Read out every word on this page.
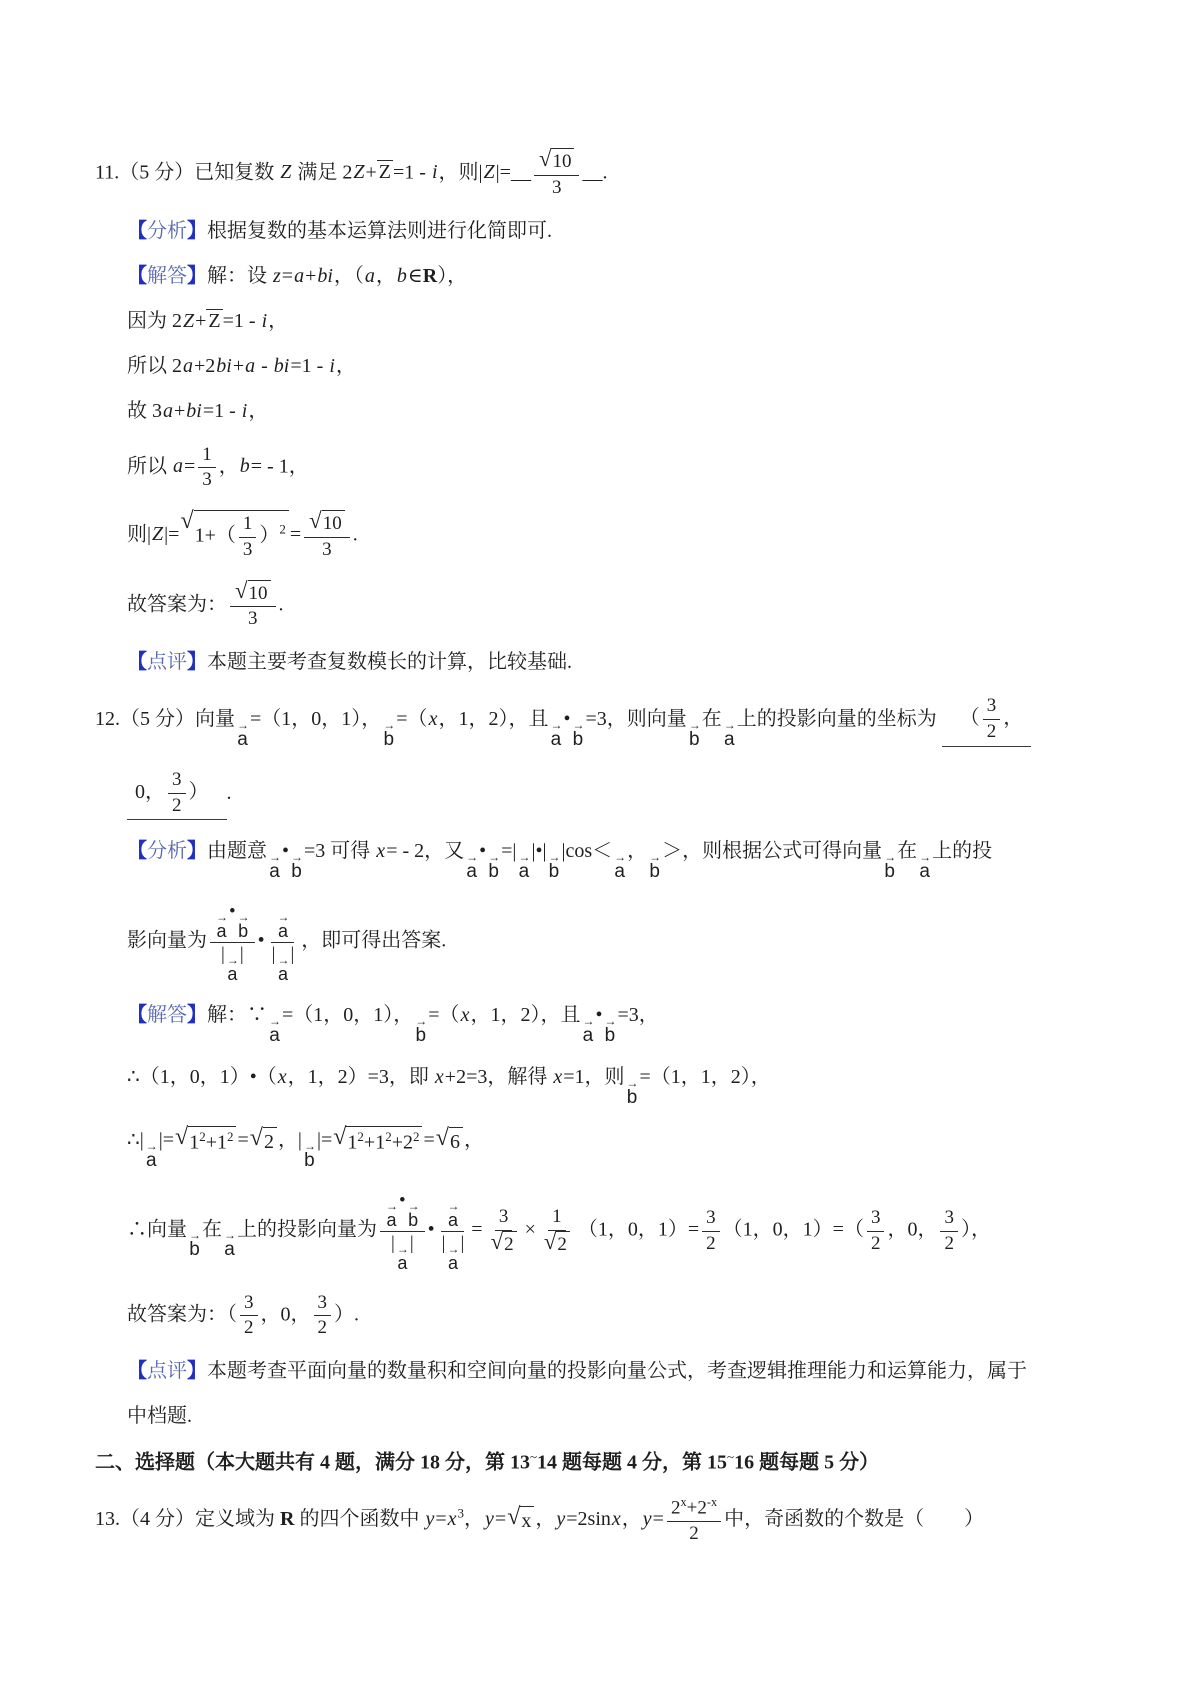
11.（5 分）已知复数 Z 满足 2Z+ Z =1 - i，则|Z|=__ $\frac{√ 10}{3}$ __.
【分析】根据复数的基本运算法则进行化简即可.
【解答】解：设 z=a+bi，（a，b∈R），
因为 2Z+ Z =1 - i，
所以 2a+2bi+a - bi=1 - i，
故 3a+bi=1 - i，
所以 $a= \frac{1}{3}$ ，b= - 1，
则|Z|=
√
$1+( \frac{1}{3} )^2 = \frac{√ 10}{3}$ .
故答案为： $\frac{√ 10}{3}$ .
【点评】本题主要考查复数模长的计算，比较基础.
12.（5 分）向量 →
a
=（1，0，1）， →
b
=（x，1，2），且 →
a
• →
b
=3，则向量 →
b
在 →
a
上的投影向量的坐标为 　（ $\frac{3}{2}$ ，
0， $\frac{3}{2}$ ）　 .
【分析】由题意 →
a
• →
b
=3 可得 x= - 2，又 →
a
• →
b
=| →
a
|•| →
b
|cos＜ →
a
， →
b
＞，则根据公式可得向量 →
b
在 →
a
上的投
影向量为 →
a
• →
b
| →
a
| • →
a
| →
a
| ，即可得出答案.
【解答】解：∵ →
a
=（1，0，1）， →
b
=（x，1，2），且 →
a
• →
b
=3，
∴（1，0，1）•（x，1，2）=3，即 x+2=3，解得 x=1，则 →
b
=（1，1，2），
∴| →
a
|= √ $1^2+1^2$ = √ 2 ，| →
b
|= √ $1^2+1^2+2^2$ = √ 6 ，
∴向量 →
b
在 →
a
上的投影向量为 →
a
• →
b
| →
a
| • →
a
| →
a
| = $\frac{3}{√ 2} \times \frac{1}{√ 2} (1$，0，$1)= \frac{3}{2} (1$，0，$1)=( \frac{3}{2}$ ，0， $\frac{3}{2}$ ），
故答案为：（ $\frac{3}{2}$ ，0， $\frac{3}{2}$ ）.
【点评】本题考查平面向量的数量积和空间向量的投影向量公式，考查逻辑推理能力和运算能力，属于
中档题.
二、选择题（本大题共有 4 题，满分 18 分，第 13~14 题每题 4 分，第 15~16 题每题 5 分）
13.（4 分）定义域为 R 的四个函数中 $y=x^3$，y= √ x ，y=2sinx，$y= \frac{2^x+2^{-x}}{2}$ 中，奇函数的个数是（　　）
